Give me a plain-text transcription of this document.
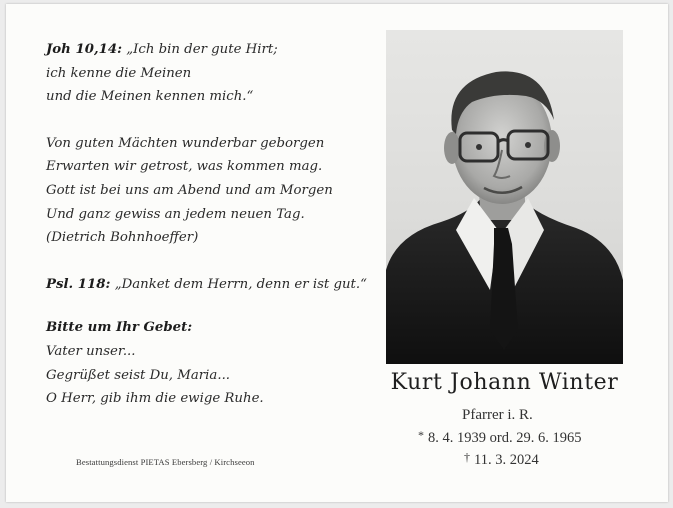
Joh 10,14: „Ich bin der gute Hirt;
ich kenne die Meinen
und die Meinen kennen mich.“
Von guten Mächten wunderbar geborgen
Erwarten wir getrost, was kommen mag.
Gott ist bei uns am Abend und am Morgen
Und ganz gewiss an jedem neuen Tag.
(Dietrich Bohnhoeffer)
Psl. 118: „Danket dem Herrn, denn er ist gut.“
Bitte um Ihr Gebet:
Vater unser...
Gegrüßet seist Du, Maria...
O Herr, gib ihm die ewige Ruhe.
Bestattungsdienst PIETAS Ebersberg / Kirchseeon
Kurt Johann Winter
Pfarrer i. R.
* 8. 4. 1939 ord. 29. 6. 1965
† 11. 3. 2024
